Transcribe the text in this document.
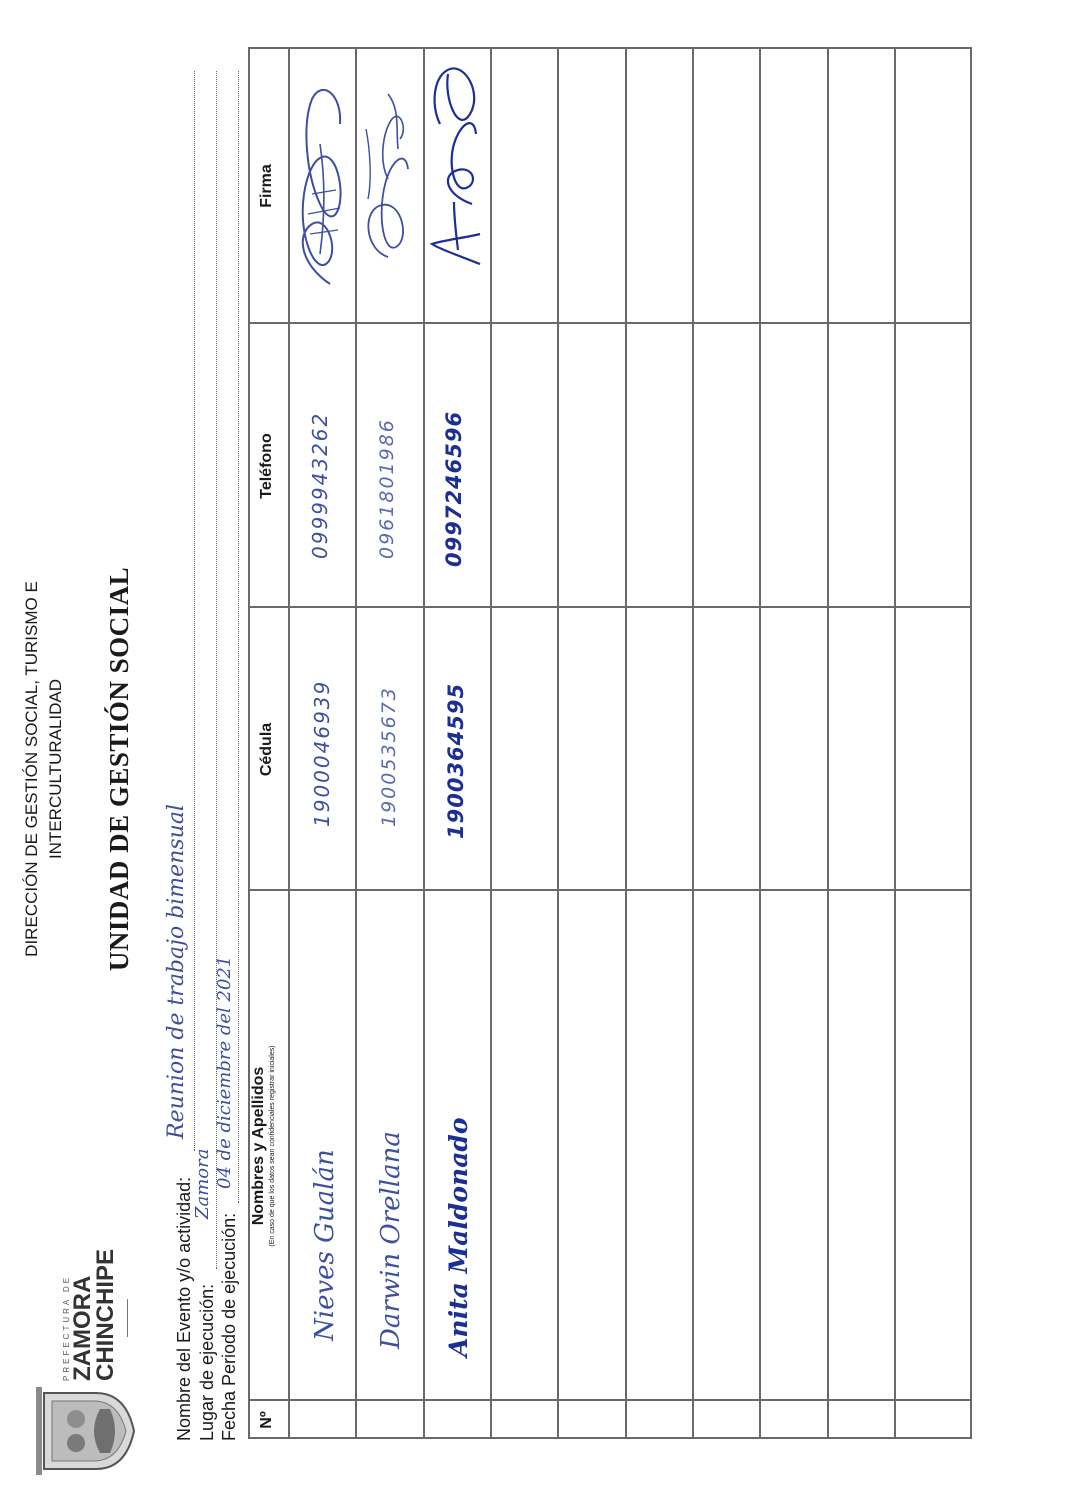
PREFECTURA DE
ZAMORA
CHINCHIPE
DIRECCIÓN DE GESTIÓN SOCIAL, TURISMO E INTERCULTURALIDAD UNIDAD DE GESTIÓN SOCIAL
Nombre del Evento y/o actividad:
Reunion de trabajo bimensual
Lugar de ejecución:
Zamora
Fecha Periodo de ejecución:
04 de diciembre del 2021
Nº
Nombres y Apellidos (En caso de que los datos sean confidenciales registrar iniciales)
Cédula
Teléfono
Firma
Nieves Gualán
1900046939
0999943262
Darwin Orellana
1900535673
0961801986
Anita Maldonado
1900364595
0997246596
